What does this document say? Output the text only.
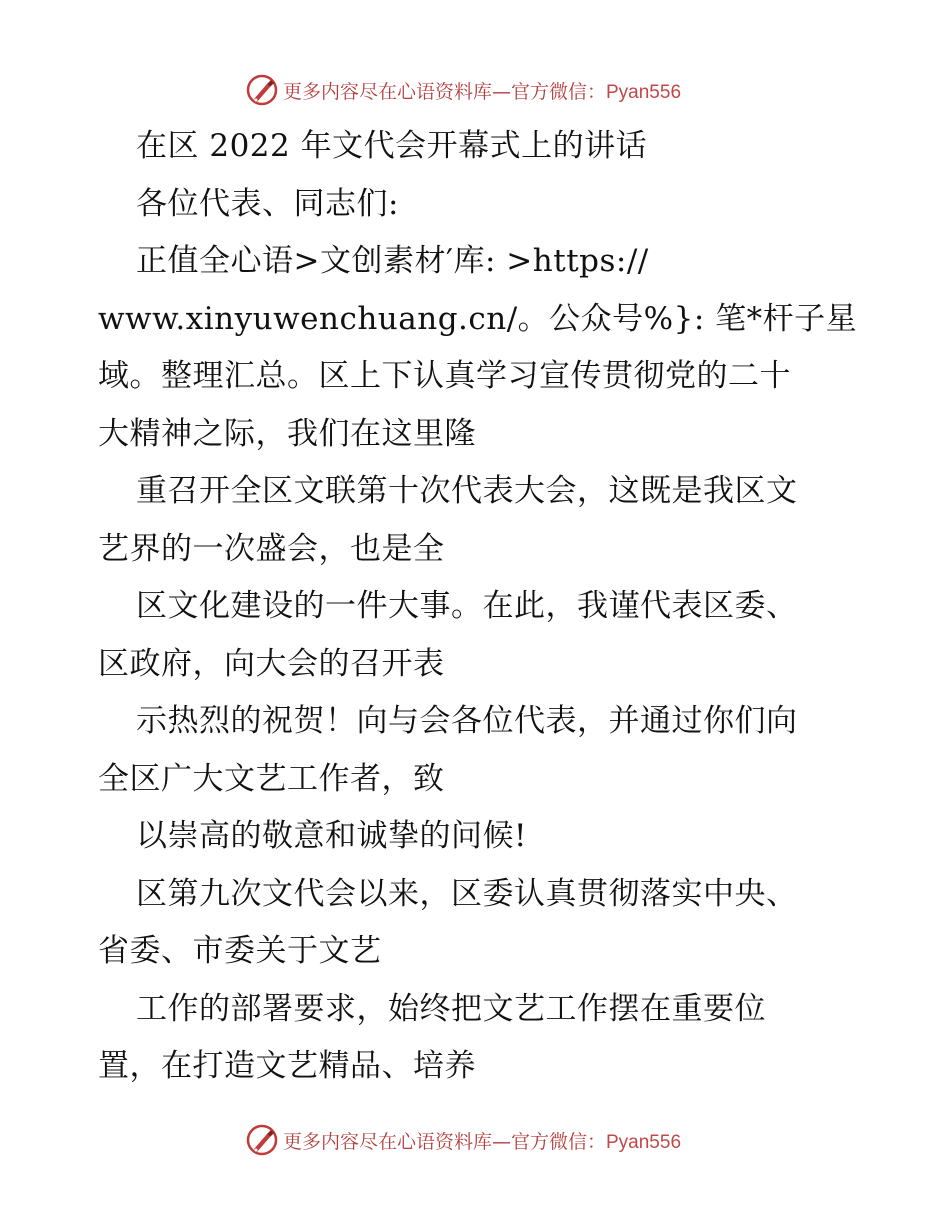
更多内容尽在心语资料库—官方微信：Pyan556
在区 2022 年文代会开幕式上的讲话
各位代表、同志们:
正值全心语>文创素材′库: >https://
www.xinyuwenchuang.cn/。公众号%}: 笔*杆子星
域。整理汇总。区上下认真学习宣传贯彻党的二十
大精神之际，我们在这里隆
重召开全区文联第十次代表大会，这既是我区文
艺界的一次盛会，也是全
区文化建设的一件大事。在此，我谨代表区委、
区政府，向大会的召开表
示热烈的祝贺！向与会各位代表，并通过你们向
全区广大文艺工作者，致
以崇高的敬意和诚挚的问候!
区第九次文代会以来，区委认真贯彻落实中央、
省委、市委关于文艺
工作的部署要求，始终把文艺工作摆在重要位
置，在打造文艺精品、培养
更多内容尽在心语资料库—官方微信：Pyan556
